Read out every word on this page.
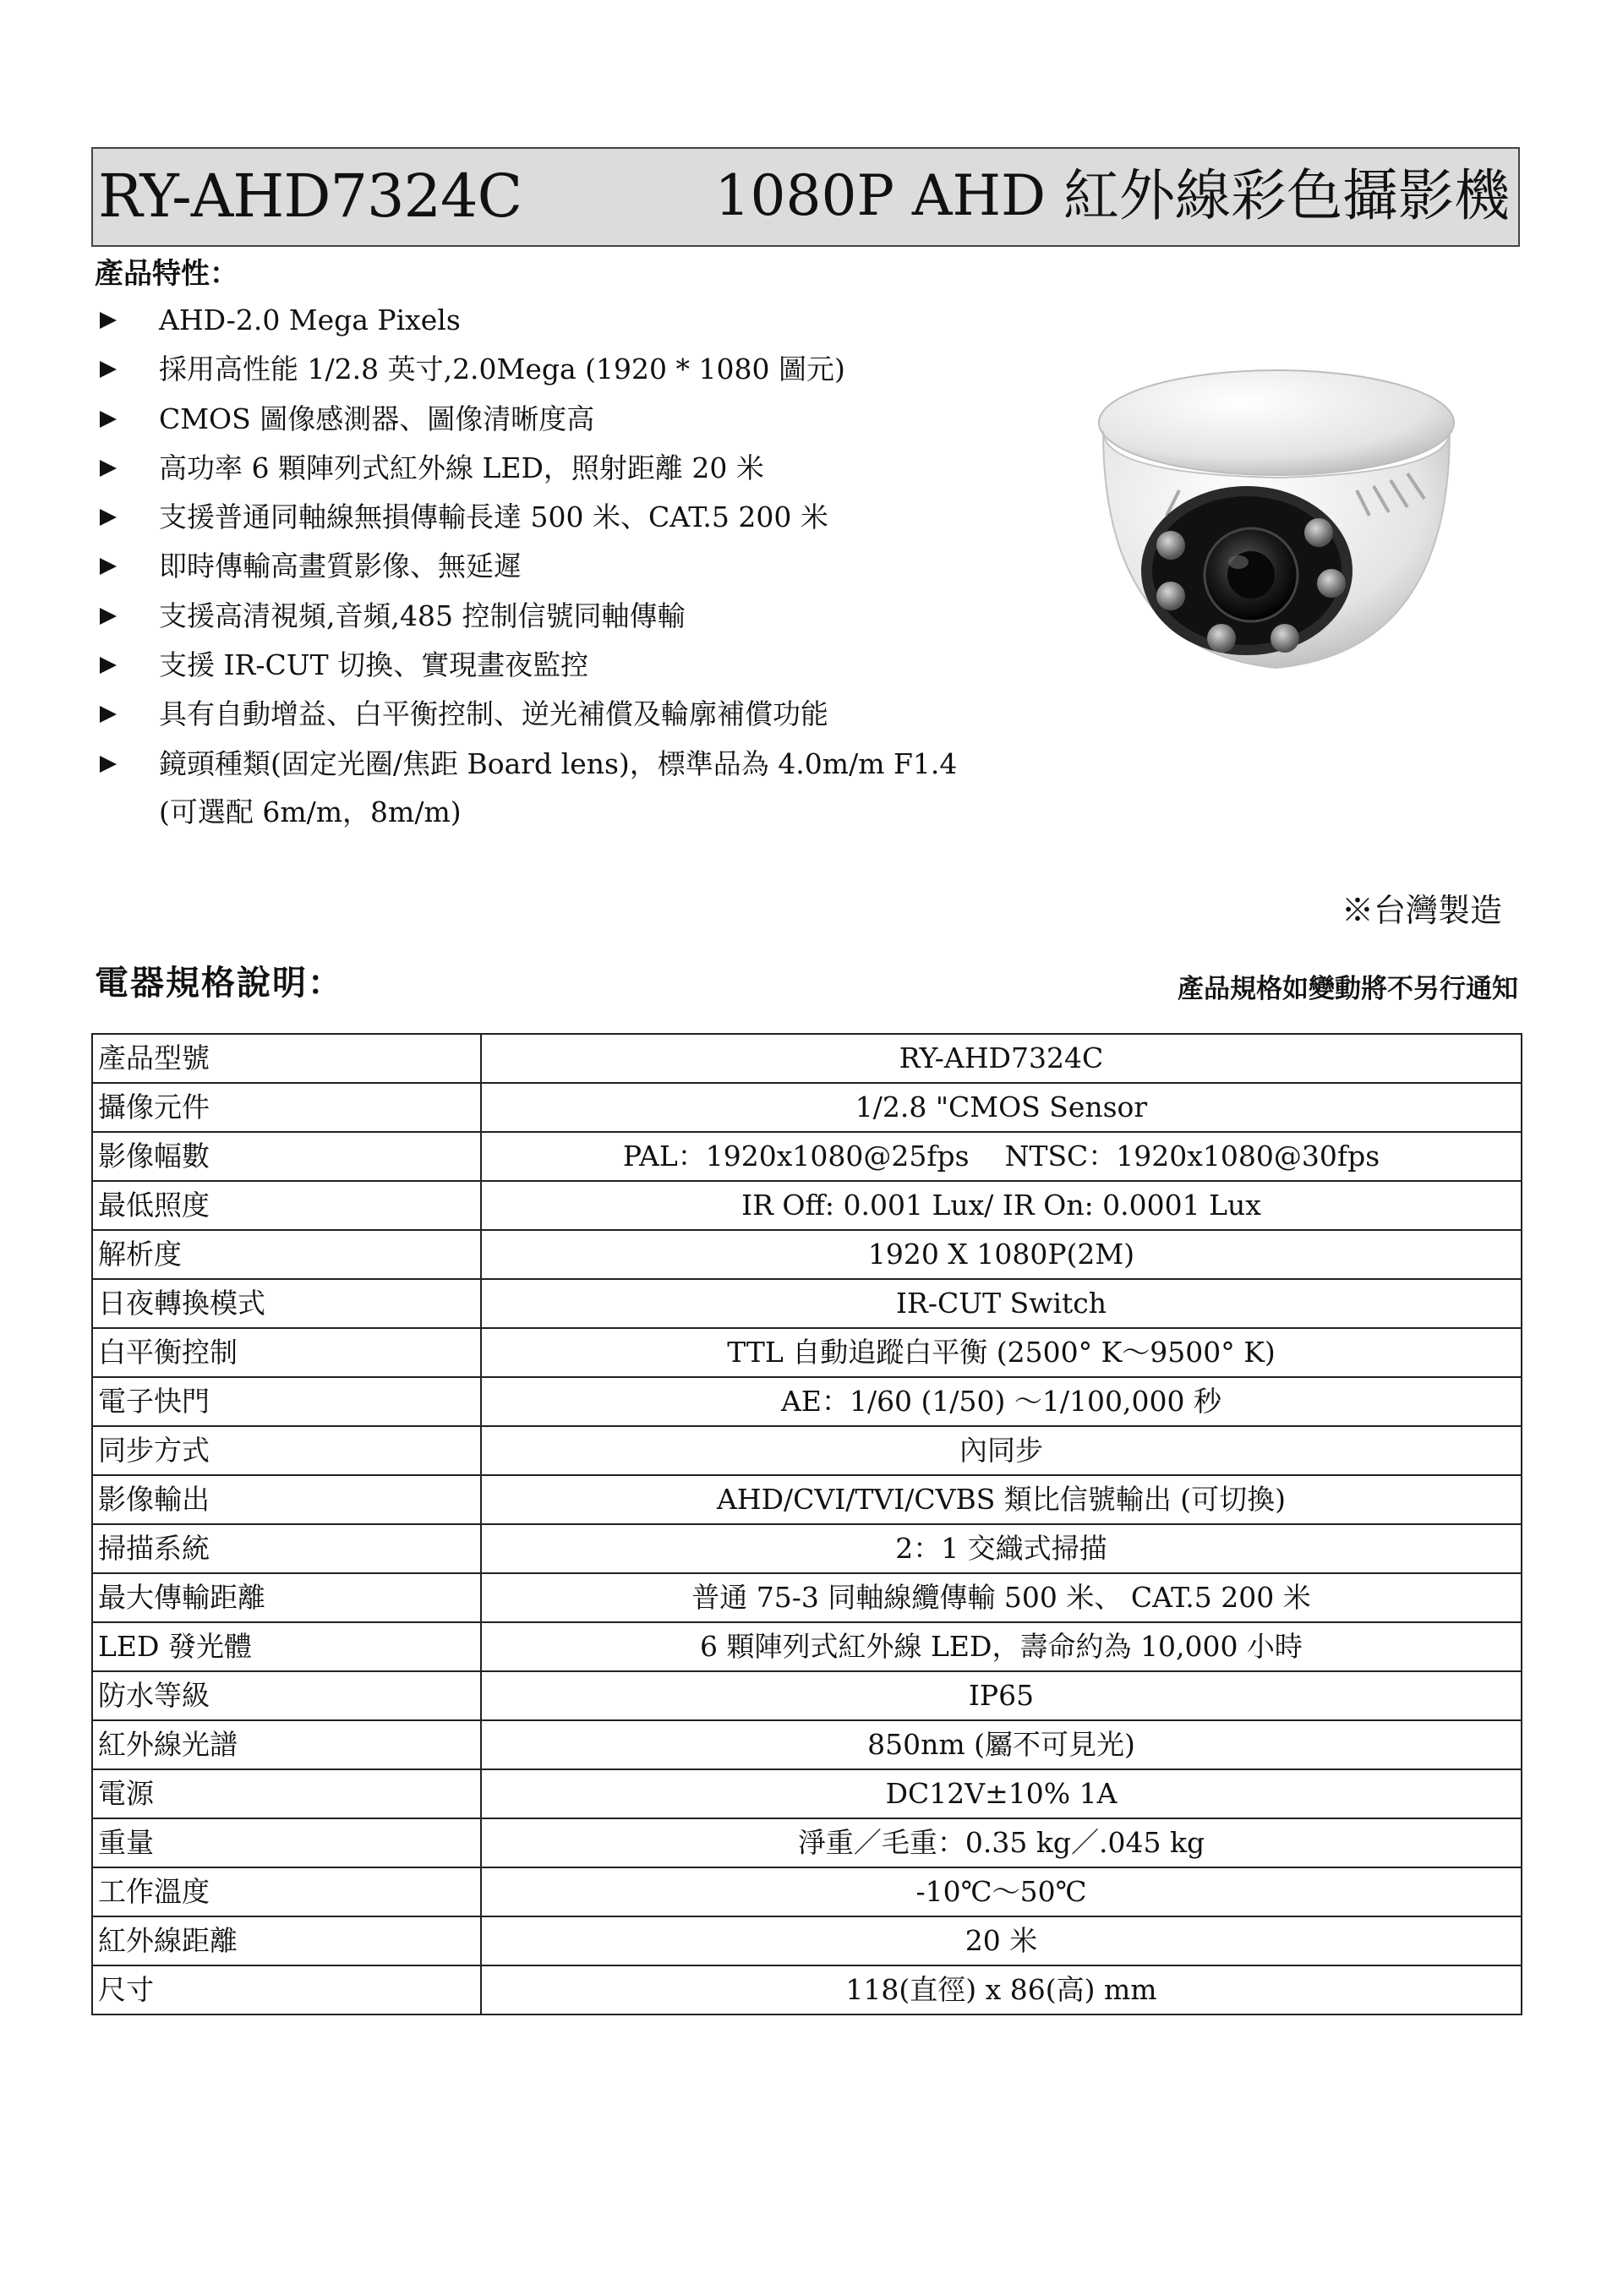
RY-AHD7324C	1080P AHD 紅外線彩色攝影機
產品特性：
AHD-2.0 Mega Pixels
採用高性能 1/2.8 英寸,2.0Mega (1920 * 1080 圖元)
CMOS 圖像感測器、圖像清晰度高
高功率 6 顆陣列式紅外線 LED，照射距離 20 米
支援普通同軸線無損傳輸長達 500 米、CAT.5 200 米
即時傳輸高畫質影像、無延遲
支援高清視頻,音頻,485 控制信號同軸傳輸
支援 IR-CUT 切換、實現畫夜監控
具有自動增益、白平衡控制、逆光補償及輪廓補償功能
鏡頭種類(固定光圈/焦距 Board lens)，標準品為 4.0m/m F1.4
(可選配 6m/m，8m/m)
※台灣製造
電器規格說明：	產品規格如變動將不另行通知
產品型號	RY-AHD7324C
攝像元件	1/2.8 "CMOS Sensor
影像幅數	PAL：1920x1080@25fps    NTSC：1920x1080@30fps
最低照度	IR Off: 0.001 Lux/ IR On: 0.0001 Lux
解析度	1920 X 1080P(2M)
日夜轉換模式	IR-CUT Switch
白平衡控制	TTL 自動追蹤白平衡 (2500° K～9500° K)
電子快門	AE：1/60 (1/50) ～1/100,000 秒
同步方式	內同步
影像輸出	AHD/CVI/TVI/CVBS 類比信號輸出 (可切換)
掃描系統	2：1 交織式掃描
最大傳輸距離	普通 75-3 同軸線纜傳輸 500 米、 CAT.5 200 米
LED 發光體	6 顆陣列式紅外線 LED，壽命約為 10,000 小時
防水等級	IP65
紅外線光譜	850nm (屬不可見光)
電源	DC12V±10% 1A
重量	淨重／毛重：0.35 kg／.045 kg
工作溫度	-10℃～50℃
紅外線距離	20 米
尺寸	118(直徑) x 86(高) mm
